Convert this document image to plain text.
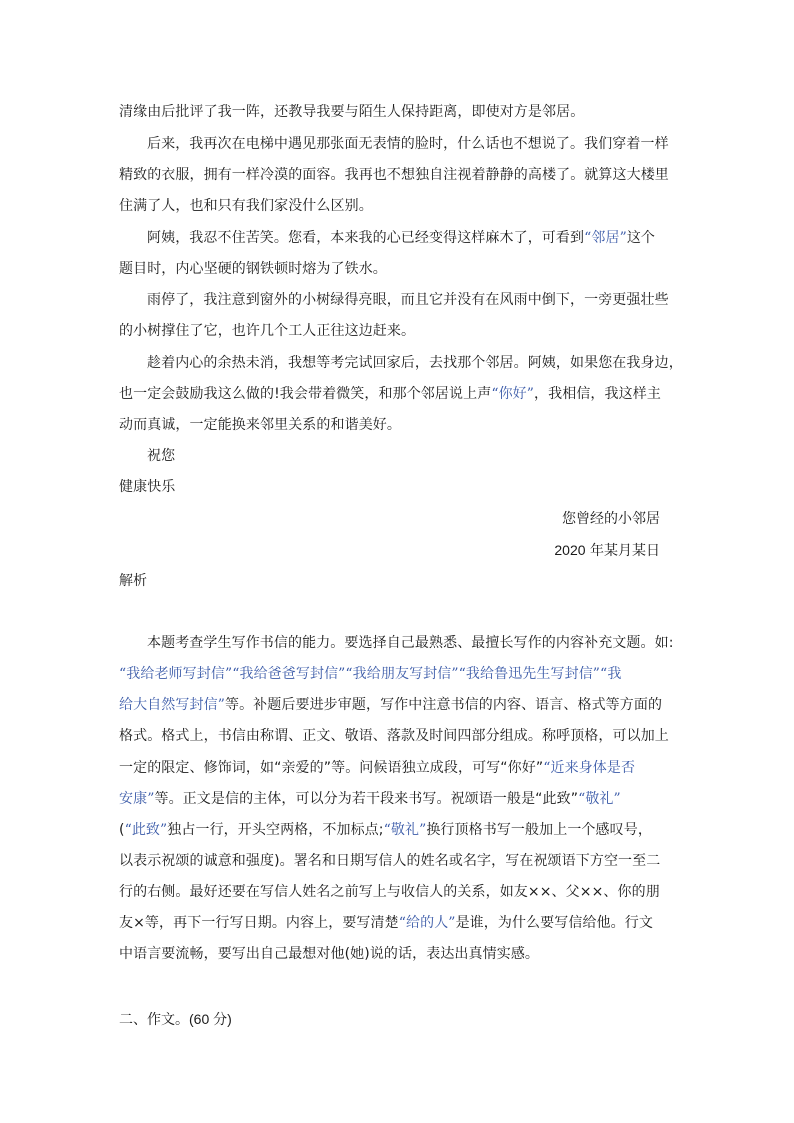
清缘由后批评了我一阵，还教导我要与陌生人保持距离，即使对方是邻居。
后来，我再次在电梯中遇见那张面无表情的脸时，什么话也不想说了。我们穿着一样
精致的衣服，拥有一样冷漠的面容。我再也不想独自注视着静静的高楼了。就算这大楼里
住满了人，也和只有我们家没什么区别。
阿姨，我忍不住苦笑。您看，本来我的心已经变得这样麻木了，可看到“邻居”这个
题目时，内心坚硬的钢铁顿时熔为了铁水。
雨停了，我注意到窗外的小树绿得亮眼，而且它并没有在风雨中倒下，一旁更强壮些
的小树撑住了它，也许几个工人正往这边赶来。
趁着内心的余热未消，我想等考完试回家后，去找那个邻居。阿姨，如果您在我身边，
也一定会鼓励我这么做的!我会带着微笑，和那个邻居说上声“你好”，我相信，我这样主
动而真诚，一定能换来邻里关系的和谐美好。
祝您
健康快乐
您曾经的小邻居
2020 年某月某日
解析
本题考查学生写作书信的能力。要选择自己最熟悉、最擅长写作的内容补充文题。如:
“我给老师写封信”“我给爸爸写封信”“我给朋友写封信”“我给鲁迅先生写封信”“我
给大自然写封信”等。补题后要进步审题，写作中注意书信的内容、语言、格式等方面的
格式。格式上，书信由称谓、正文、敬语、落款及时间四部分组成。称呼顶格，可以加上
一定的限定、修饰词，如“亲爱的”等。问候语独立成段，可写“你好”“近来身体是否
安康”等。正文是信的主体，可以分为若干段来书写。祝颂语一般是“此致”“敬礼”
(“此致”独占一行，开头空两格，不加标点;“敬礼”换行顶格书写一般加上一个感叹号，
以表示祝颂的诚意和强度)。署名和日期写信人的姓名或名字，写在祝颂语下方空一至二
行的右侧。最好还要在写信人姓名之前写上与收信人的关系，如友××、父××、你的朋
友×等，再下一行写日期。内容上，要写清楚“给的人”是谁，为什么要写信给他。行文
中语言要流畅，要写出自己最想对他(她)说的话，表达出真情实感。
二、作文。(60 分)
